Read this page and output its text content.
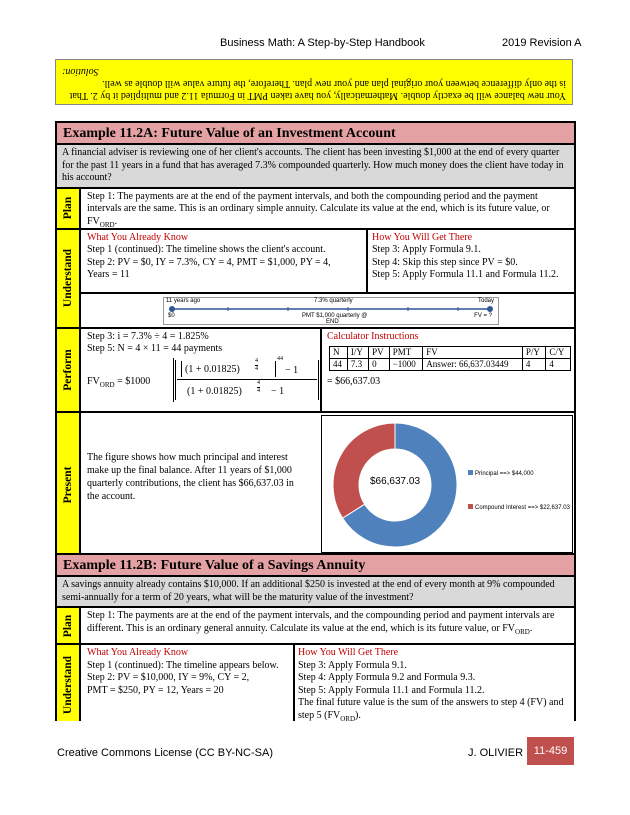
Business Math: A Step-by-Step Handbook	2019 Revision A
Your new balance will be exactly double. Mathematically, you have taken PMT in Formula 11.2 and multiplied it by 2. That is the only difference between your original plan and your new plan. Therefore, the future value will double as well.
Solution:
Example 11.2A: Future Value of an Investment Account
A financial adviser is reviewing one of her client's accounts. The client has been investing $1,000 at the end of every quarter for the past 11 years in a fund that has averaged 7.3% compounded quarterly. How much money does the client have today in his account?
Plan
Step 1: The payments are at the end of the payment intervals, and both the compounding period and the payment intervals are the same. This is an ordinary simple annuity. Calculate its value at the end, which is its future value, or $FV_{ORD}$.
Understand
What You Already Know
Step 1 (continued): The timeline shows the client's account.
Step 2: PV = $0, IY = 7.3%, CY = 4, PMT = $1,000, PY = 4, Years = 11
How You Will Get There
Step 3: Apply Formula 9.1.
Step 4: Skip this step since PV = $0.
Step 5: Apply Formula 11.1 and Formula 11.2.
11 years ago	7.3% quarterly	Today
$0	PMT $1,000 quarterly @
END
FV = ?
Perform
Step 3: i = 7.3% ÷ 4 = 1.825%
Step 5: N = 4 × 11 = 44 payments
$FV_{ORD}$ = $1000
(1 + 0.01825)
4
4
44
− 1
(1 + 0.01825)
4
4 − 1
= $66,637.03
Calculator Instructions
N	I/Y	PV	PMT	FV	P/Y	C/Y
44	7.3	0	−1000	Answer: 66,637.03449	4	4
Present
The figure shows how much principal and interest make up the final balance. After 11 years of $1,000 quarterly contributions, the client has $66,637.03 in the account.
$66,637.03
Principal ==> $44,000
Compound Interest ==> $22,637.03
Example 11.2B: Future Value of a Savings Annuity
A savings annuity already contains $10,000. If an additional $250 is invested at the end of every month at 9% compounded semi-annually for a term of 20 years, what will be the maturity value of the investment?
Plan Step 1: The payments are at the end of the payment intervals, and the compounding period and payment intervals are different. This is an ordinary general annuity. Calculate its value at the end, which is its future value, or $FV_{ORD}$.
Understand
What You Already Know
Step 1 (continued): The timeline appears below.
Step 2: PV = $10,000, IY = 9%, CY = 2,
PMT = $250, PY = 12, Years = 20
How You Will Get There
Step 3: Apply Formula 9.1.
Step 4: Apply Formula 9.2 and Formula 9.3.
Step 5: Apply Formula 11.1 and Formula 11.2.
The final future value is the sum of the answers to step 4 (FV) and step 5 $(FV_{ORD})$.
Creative Commons License (CC BY-NC-SA)	J. OLIVIER 11-459
